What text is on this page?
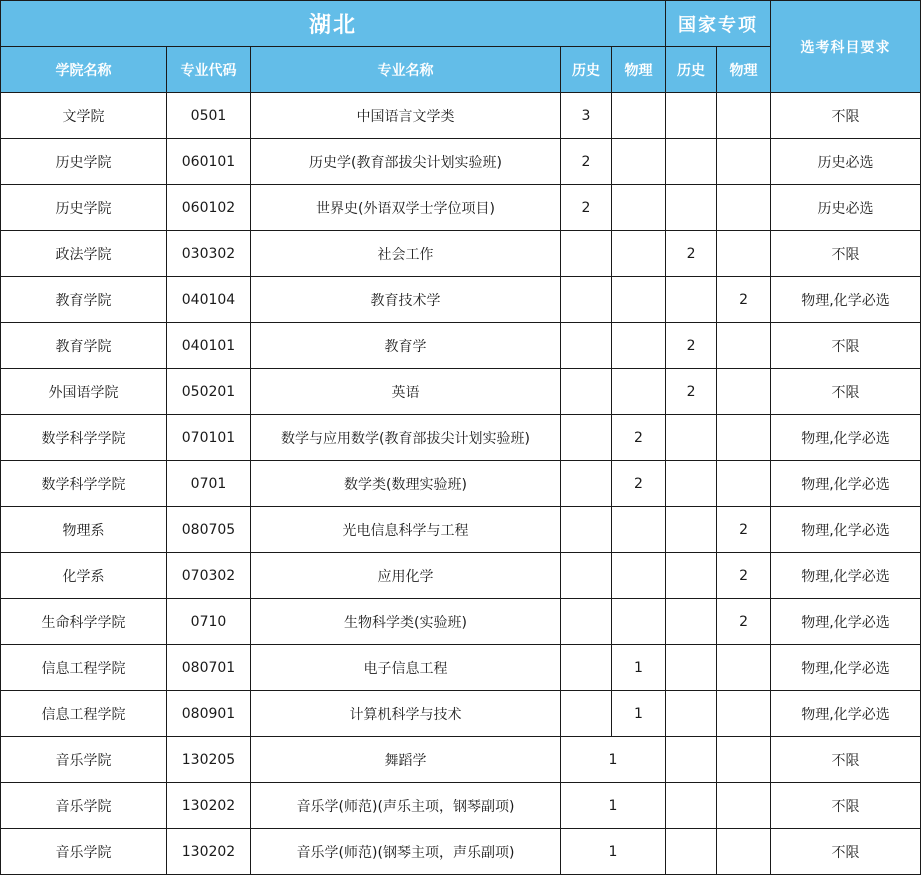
湖北					国家专项		选考科目要求
学院名称	专业代码	专业名称	历史	物理	历史	物理	
文学院	0501	中国语言文学类	3				不限
历史学院	060101	历史学(教育部拔尖计划实验班)	2				历史必选
历史学院	060102	世界史(外语双学士学位项目)	2				历史必选
政法学院	030302	社会工作			2		不限
教育学院	040104	教育技术学				2	物理,化学必选
教育学院	040101	教育学			2		不限
外国语学院	050201	英语			2		不限
数学科学学院	070101	数学与应用数学(教育部拔尖计划实验班)		2			物理,化学必选
数学科学学院	0701	数学类(数理实验班)		2			物理,化学必选
物理系	080705	光电信息科学与工程				2	物理,化学必选
化学系	070302	应用化学				2	物理,化学必选
生命科学学院	0710	生物科学类(实验班)				2	物理,化学必选
信息工程学院	080701	电子信息工程		1			物理,化学必选
信息工程学院	080901	计算机科学与技术		1			物理,化学必选
音乐学院	130205	舞蹈学	1				不限
音乐学院	130202	音乐学(师范)(声乐主项，钢琴副项)	1				不限
音乐学院	130202	音乐学(师范)(钢琴主项，声乐副项)	1				不限
